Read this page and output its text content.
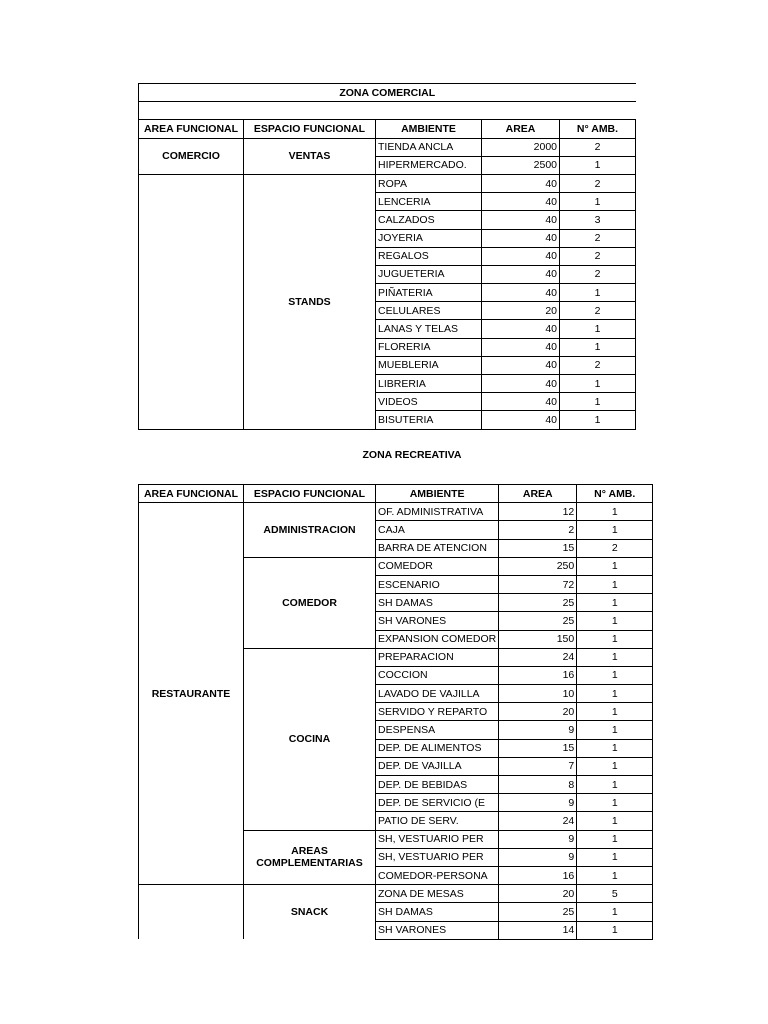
ZONA COMERCIAL				

AREA FUNCIONAL	ESPACIO FUNCIONAL	AMBIENTE	AREA	N° AMB.
COMERCIO	VENTAS	TIENDA ANCLA	2000	2
		HIPERMERCADO.	2500	1
	STANDS	ROPA	40	2
		LENCERIA	40	1
		CALZADOS	40	3
		JOYERIA	40	2
		REGALOS	40	2
		JUGUETERIA	40	2
		PIÑATERIA	40	1
		CELULARES	20	2
		LANAS Y TELAS	40	1
		FLORERIA	40	1
		MUEBLERIA	40	2
		LIBRERIA	40	1
		VIDEOS	40	1
		BISUTERIA	40	1
ZONA RECREATIVA
AREA FUNCIONAL	ESPACIO FUNCIONAL	AMBIENTE	AREA	N° AMB.
RESTAURANTE	ADMINISTRACION	OF. ADMINISTRATIVA	12	1
		CAJA	2	1
		BARRA DE ATENCION	15	2
	COMEDOR	COMEDOR	250	1
		ESCENARIO	72	1
		SH DAMAS	25	1
		SH VARONES	25	1
		EXPANSION COMEDOR	150	1
	COCINA	PREPARACION	24	1
		COCCION	16	1
		LAVADO DE VAJILLA	10	1
		SERVIDO Y REPARTO	20	1
		DESPENSA	9	1
		DEP. DE ALIMENTOS	15	1
		DEP. DE VAJILLA	7	1
		DEP. DE BEBIDAS	8	1
		DEP. DE SERVICIO (E	9	1
		PATIO DE SERV.	24	1
	AREAS COMPLEMENTARIAS	SH, VESTUARIO PER	9	1
		SH, VESTUARIO PER	9	1
		COMEDOR-PERSONA	16	1
	SNACK	ZONA DE MESAS	20	5
		SH DAMAS	25	1
		SH VARONES	14	1
